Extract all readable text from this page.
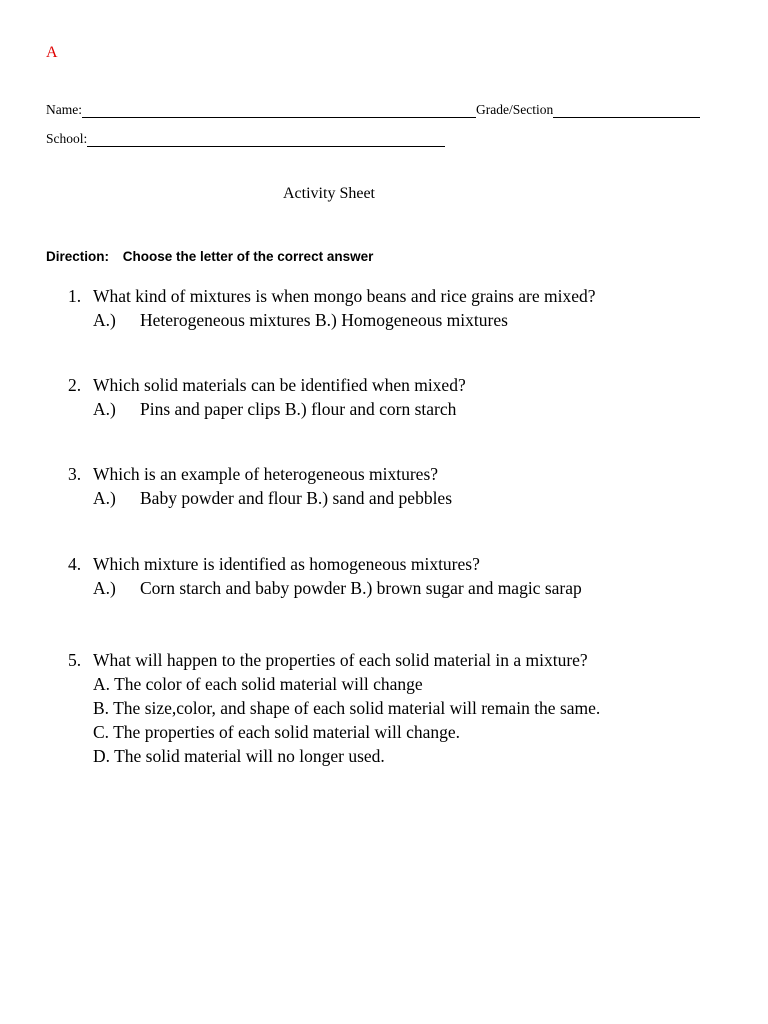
A
Name:	Grade/Section
School:
Activity Sheet
Direction: Choose the letter of the correct answer
1. What kind of mixtures is when mongo beans and rice grains are mixed?
A.) Heterogeneous mixtures B.) Homogeneous mixtures
2. Which solid materials can be identified when mixed?
A.) Pins and paper clips B.) flour and corn starch
3. Which is an example of heterogeneous mixtures?
A.) Baby powder and flour B.) sand and pebbles
4. Which mixture is identified as homogeneous mixtures?
A.) Corn starch and baby powder B.) brown sugar and magic sarap
5. What will happen to the properties of each solid material in a mixture?
A. The color of each solid material will change
B. The size,color, and shape of each solid material will remain the same.
C. The properties of each solid material will change.
D. The solid material will no longer used.
